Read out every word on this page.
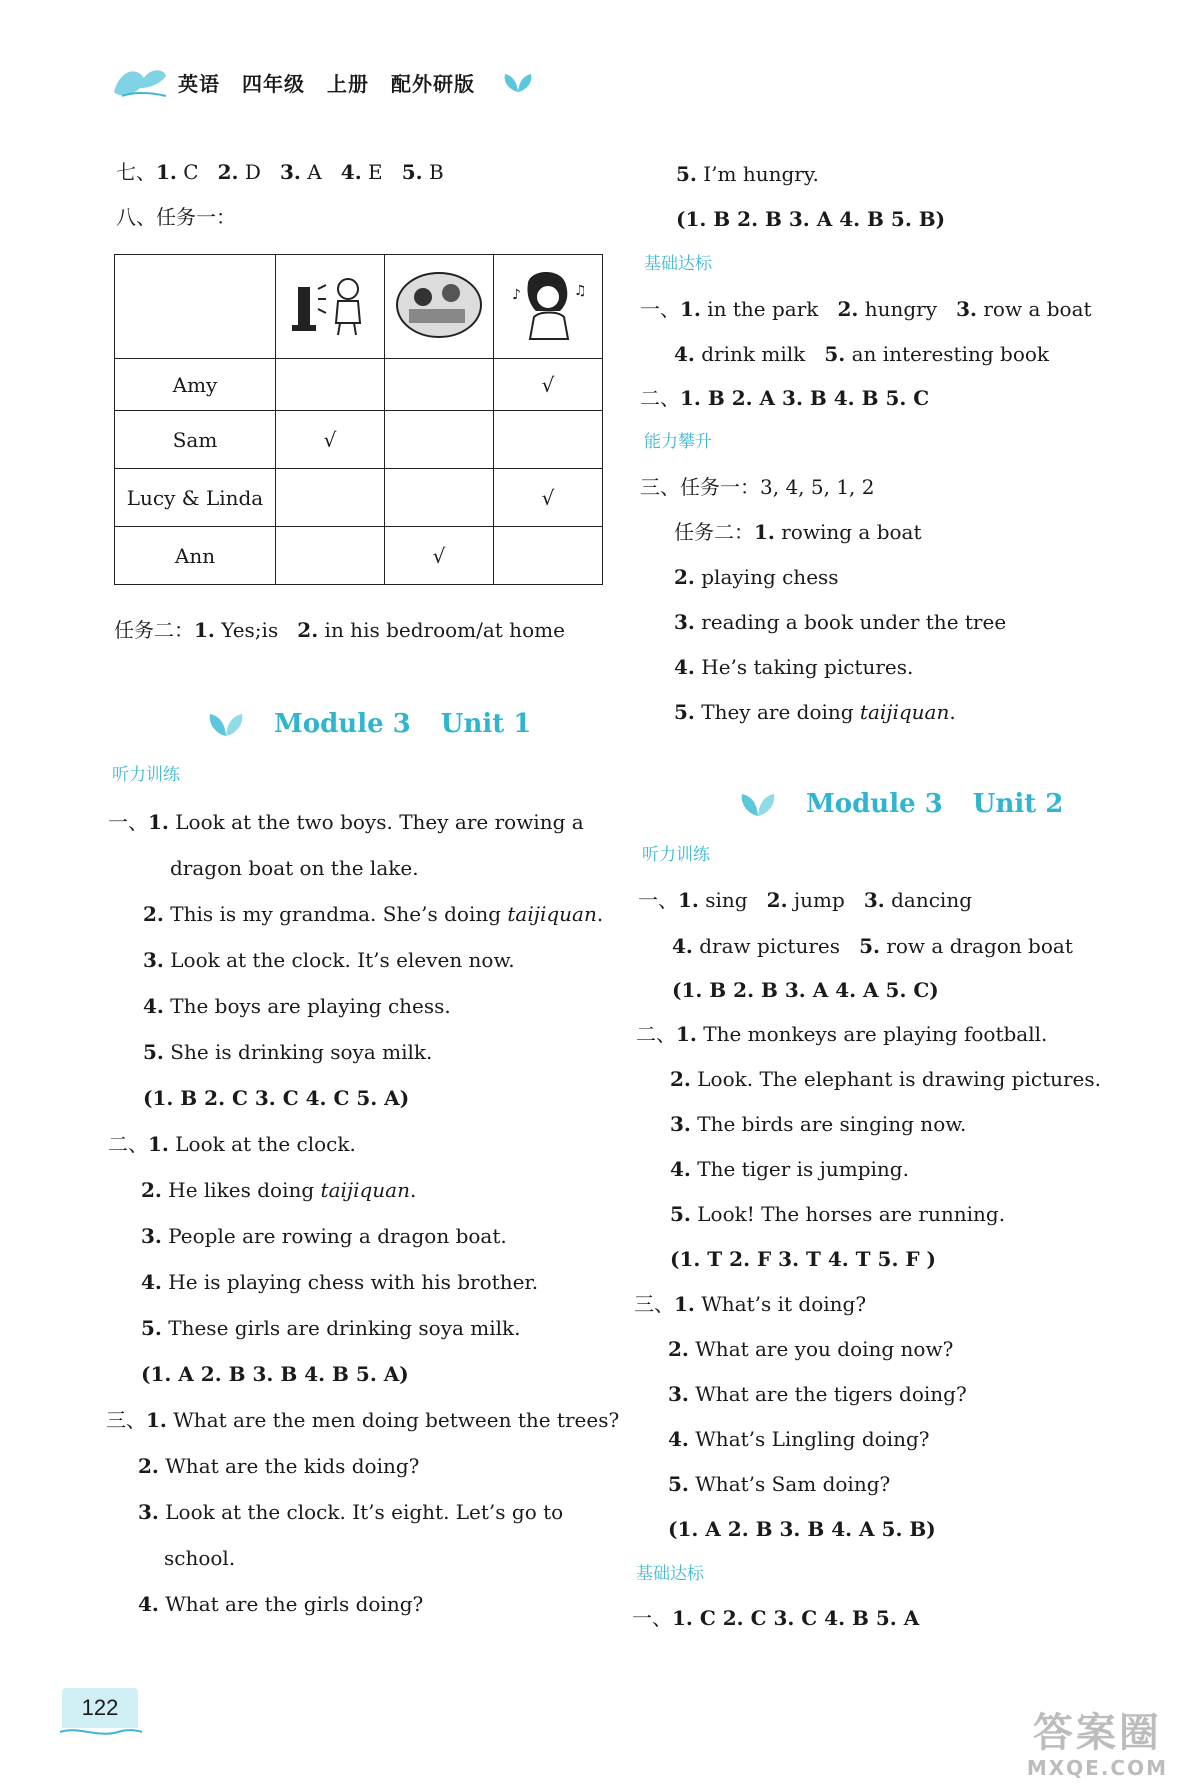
英语 四年级 上册 配外研版
七、1. C 2. D 3. A 4. E 5. B
八、任务一：

♪ ♫

Amy			√
Sam	√		
Lucy & Linda			√
Ann		√	
任务二：1. Yes;is 2. in his bedroom/at home
Module 3 Unit 1
听力训练
一、1. Look at the two boys. They are rowing a
dragon boat on the lake.
2. This is my grandma. She’s doing taijiquan.
3. Look at the clock. It’s eleven now.
4. The boys are playing chess.
5. She is drinking soya milk.
(1. B 2. C 3. C 4. C 5. A)
二、1. Look at the clock.
2. He likes doing taijiquan.
3. People are rowing a dragon boat.
4. He is playing chess with his brother.
5. These girls are drinking soya milk.
(1. A 2. B 3. B 4. B 5. A)
三、1. What are the men doing between the trees?
2. What are the kids doing?
3. Look at the clock. It’s eight. Let’s go to
school.
4. What are the girls doing?
5. I’m hungry.
(1. B 2. B 3. A 4. B 5. B)
基础达标
一、1. in the park 2. hungry 3. row a boat
4. drink milk 5. an interesting book
二、1. B 2. A 3. B 4. B 5. C
能力攀升
三、任务一：3, 4, 5, 1, 2
任务二：1. rowing a boat
2. playing chess
3. reading a book under the tree
4. He’s taking pictures.
5. They are doing taijiquan.
Module 3 Unit 2
听力训练
一、1. sing 2. jump 3. dancing
4. draw pictures 5. row a dragon boat
(1. B 2. B 3. A 4. A 5. C)
二、1. The monkeys are playing football.
2. Look. The elephant is drawing pictures.
3. The birds are singing now.
4. The tiger is jumping.
5. Look! The horses are running.
(1. T 2. F 3. T 4. T 5. F )
三、1. What’s it doing?
2. What are you doing now?
3. What are the tigers doing?
4. What’s Lingling doing?
5. What’s Sam doing?
(1. A 2. B 3. B 4. A 5. B)
基础达标
一、1. C 2. C 3. C 4. B 5. A
122
答案圈
MXQE.COM
